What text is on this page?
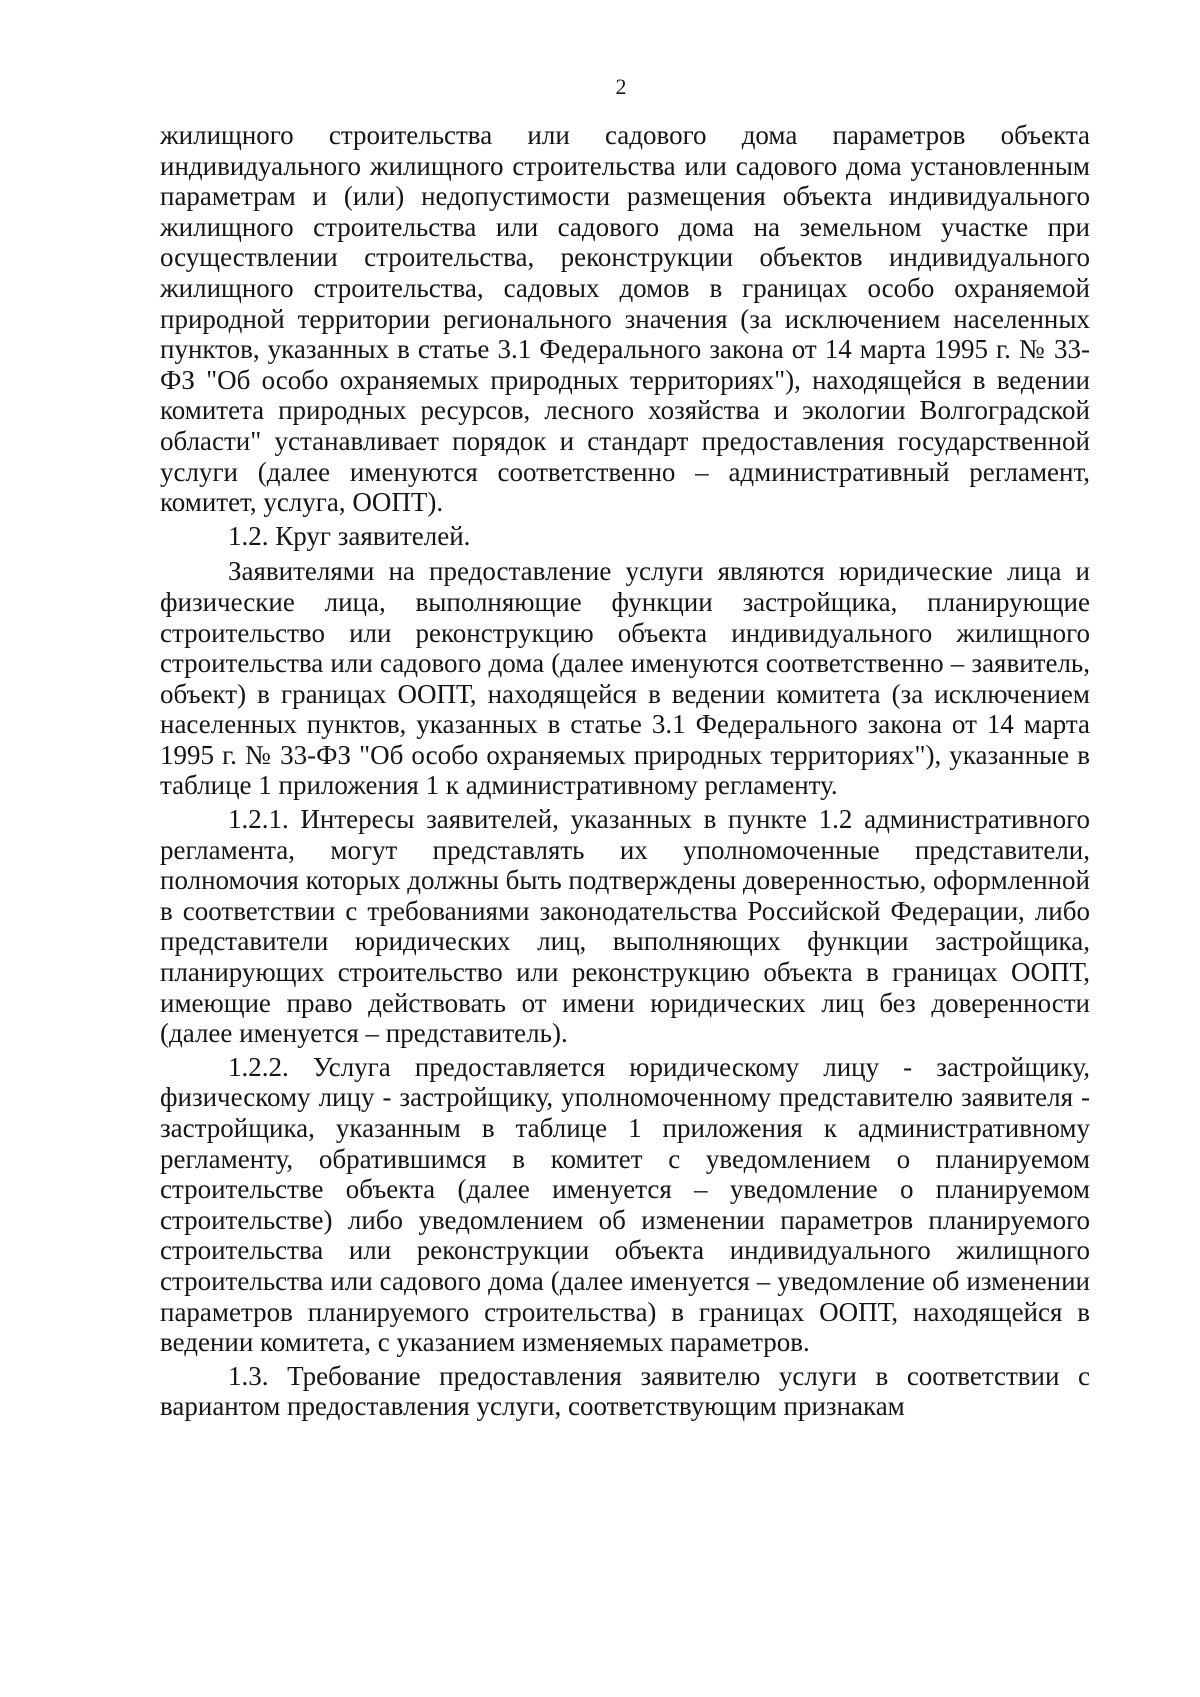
2

жилищного строительства или садового дома параметров объекта индивидуального жилищного строительства или садового дома установленным параметрам и (или) недопустимости размещения объекта индивидуального жилищного строительства или садового дома на земельном участке при осуществлении строительства, реконструкции объектов индивидуального жилищного строительства, садовых домов в границах особо охраняемой природной территории регионального значения (за исключением населенных пунктов, указанных в статье 3.1 Федерального закона от 14 марта 1995 г. № 33-ФЗ "Об особо охраняемых природных территориях"), находящейся в ведении комитета природных ресурсов, лесного хозяйства и экологии Волгоградской области" устанавливает порядок и стандарт предоставления государственной услуги (далее именуются соответственно – административный регламент, комитет, услуга, ООПТ).

1.2. Круг заявителей.

Заявителями на предоставление услуги являются юридические лица и физические лица, выполняющие функции застройщика, планирующие строительство или реконструкцию объекта индивидуального жилищного строительства или садового дома (далее именуются соответственно – заявитель, объект) в границах ООПТ, находящейся в ведении комитета (за исключением населенных пунктов, указанных в статье 3.1 Федерального закона от 14 марта 1995 г. № 33-ФЗ "Об особо охраняемых природных территориях"), указанные в таблице 1 приложения 1 к административному регламенту.

1.2.1. Интересы заявителей, указанных в пункте 1.2 административного регламента, могут представлять их уполномоченные представители, полномочия которых должны быть подтверждены доверенностью, оформленной в соответствии с требованиями законодательства Российской Федерации, либо представители юридических лиц, выполняющих функции застройщика, планирующих строительство или реконструкцию объекта в границах ООПТ, имеющие право действовать от имени юридических лиц без доверенности (далее именуется – представитель).

1.2.2. Услуга предоставляется юридическому лицу - застройщику, физическому лицу - застройщику, уполномоченному представителю заявителя - застройщика, указанным в таблице 1 приложения к административному регламенту, обратившимся в комитет с уведомлением о планируемом строительстве объекта (далее именуется – уведомление о планируемом строительстве) либо уведомлением об изменении параметров планируемого строительства или реконструкции объекта индивидуального жилищного строительства или садового дома (далее именуется – уведомление об изменении параметров планируемого строительства) в границах ООПТ, находящейся в ведении комитета, с указанием изменяемых параметров.

1.3. Требование предоставления заявителю услуги в соответствии с вариантом предоставления услуги, соответствующим признакам
